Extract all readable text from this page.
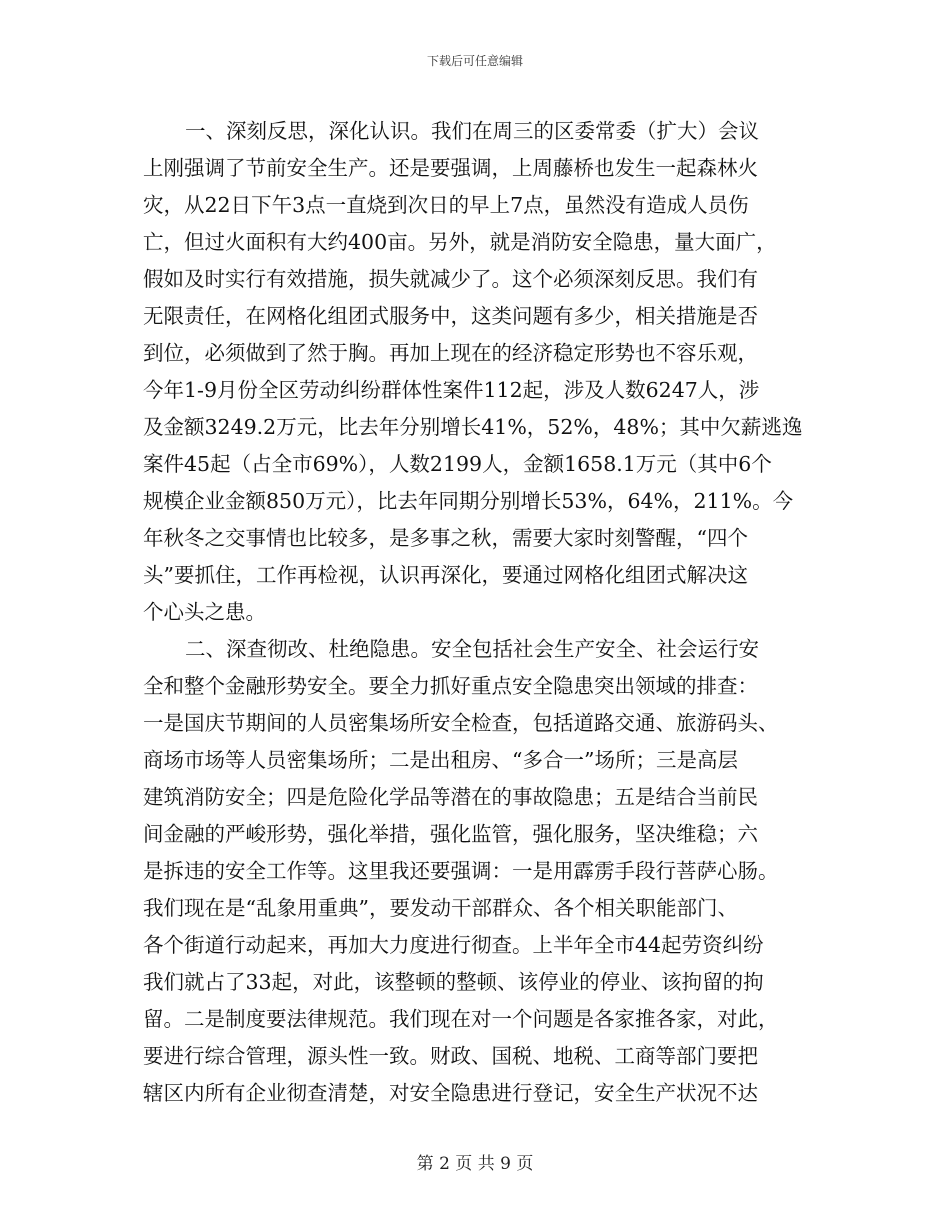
下载后可任意编辑
一、深刻反思，深化认识。我们在周三的区委常委（扩大）会议
上刚强调了节前安全生产。还是要强调，上周藤桥也发生一起森林火
灾，从22日下午3点一直烧到次日的早上7点，虽然没有造成人员伤
亡，但过火面积有大约400亩。另外，就是消防安全隐患，量大面广，
假如及时实行有效措施，损失就减少了。这个必须深刻反思。我们有
无限责任，在网格化组团式服务中，这类问题有多少，相关措施是否
到位，必须做到了然于胸。再加上现在的经济稳定形势也不容乐观，
今年1-9月份全区劳动纠纷群体性案件112起，涉及人数6247人，涉
及金额3249.2万元，比去年分别增长41%，52%，48%；其中欠薪逃逸
案件45起（占全市69%），人数2199人，金额1658.1万元（其中6个
规模企业金额850万元），比去年同期分别增长53%，64%，211%。今
年秋冬之交事情也比较多，是多事之秋，需要大家时刻警醒，“四个
头”要抓住，工作再检视，认识再深化，要通过网格化组团式解决这
个心头之患。
二、深查彻改、杜绝隐患。安全包括社会生产安全、社会运行安
全和整个金融形势安全。要全力抓好重点安全隐患突出领域的排查：
一是国庆节期间的人员密集场所安全检查，包括道路交通、旅游码头、
商场市场等人员密集场所；二是出租房、“多合一”场所；三是高层
建筑消防安全；四是危险化学品等潜在的事故隐患；五是结合当前民
间金融的严峻形势，强化举措，强化监管，强化服务，坚决维稳；六
是拆违的安全工作等。这里我还要强调：一是用霹雳手段行菩萨心肠。
我们现在是“乱象用重典”，要发动干部群众、各个相关职能部门、
各个街道行动起来，再加大力度进行彻查。上半年全市44起劳资纠纷
我们就占了33起，对此，该整顿的整顿、该停业的停业、该拘留的拘
留。二是制度要法律规范。我们现在对一个问题是各家推各家，对此，
要进行综合管理，源头性一致。财政、国税、地税、工商等部门要把
辖区内所有企业彻查清楚，对安全隐患进行登记，安全生产状况不达
第 2 页 共 9 页
